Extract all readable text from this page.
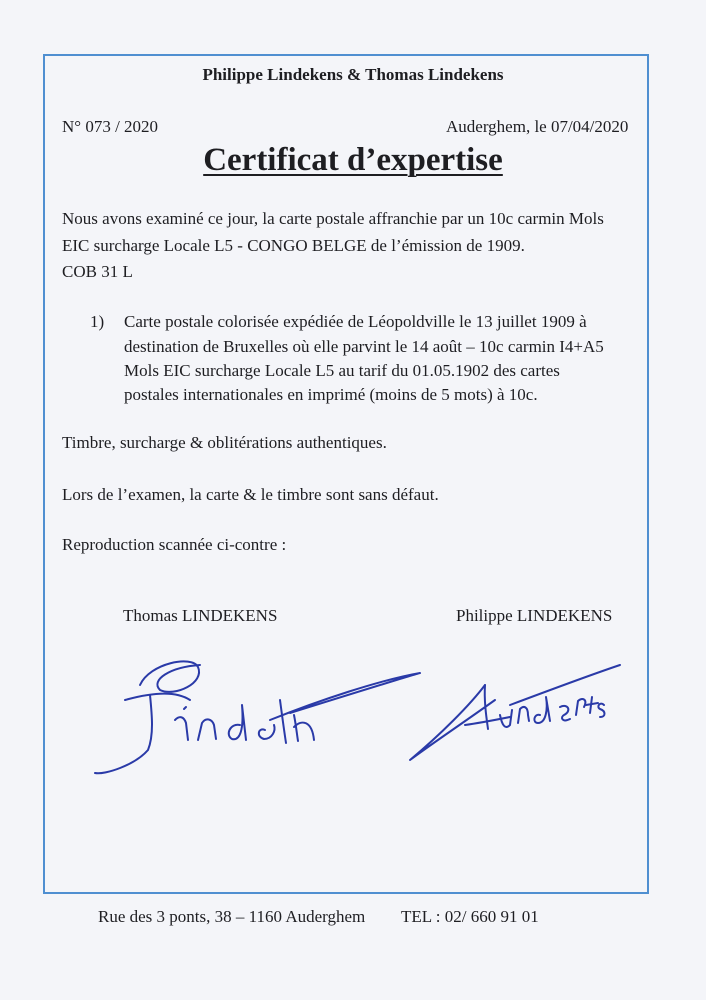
Philippe Lindekens & Thomas Lindekens
N° 073 / 2020	Auderghem, le 07/04/2020
Certificat d’expertise
Nous avons examiné ce jour, la carte postale affranchie par un 10c carmin Mols
EIC surcharge Locale L5 - CONGO BELGE de l’émission de 1909.
COB 31 L
1) Carte postale colorisée expédiée de Léopoldville le 13 juillet 1909 à
destination de Bruxelles où elle parvint le 14 août – 10c carmin I4+A5
Mols EIC surcharge Locale L5 au tarif du 01.05.1902 des cartes
postales internationales en imprimé (moins de 5 mots) à 10c.
Timbre, surcharge & oblitérations authentiques.
Lors de l’examen, la carte & le timbre sont sans défaut.
Reproduction scannée ci-contre :
Thomas LINDEKENS	Philippe LINDEKENS
Rue des 3 ponts, 38 – 1160 Auderghem TEL : 02/ 660 91 01
